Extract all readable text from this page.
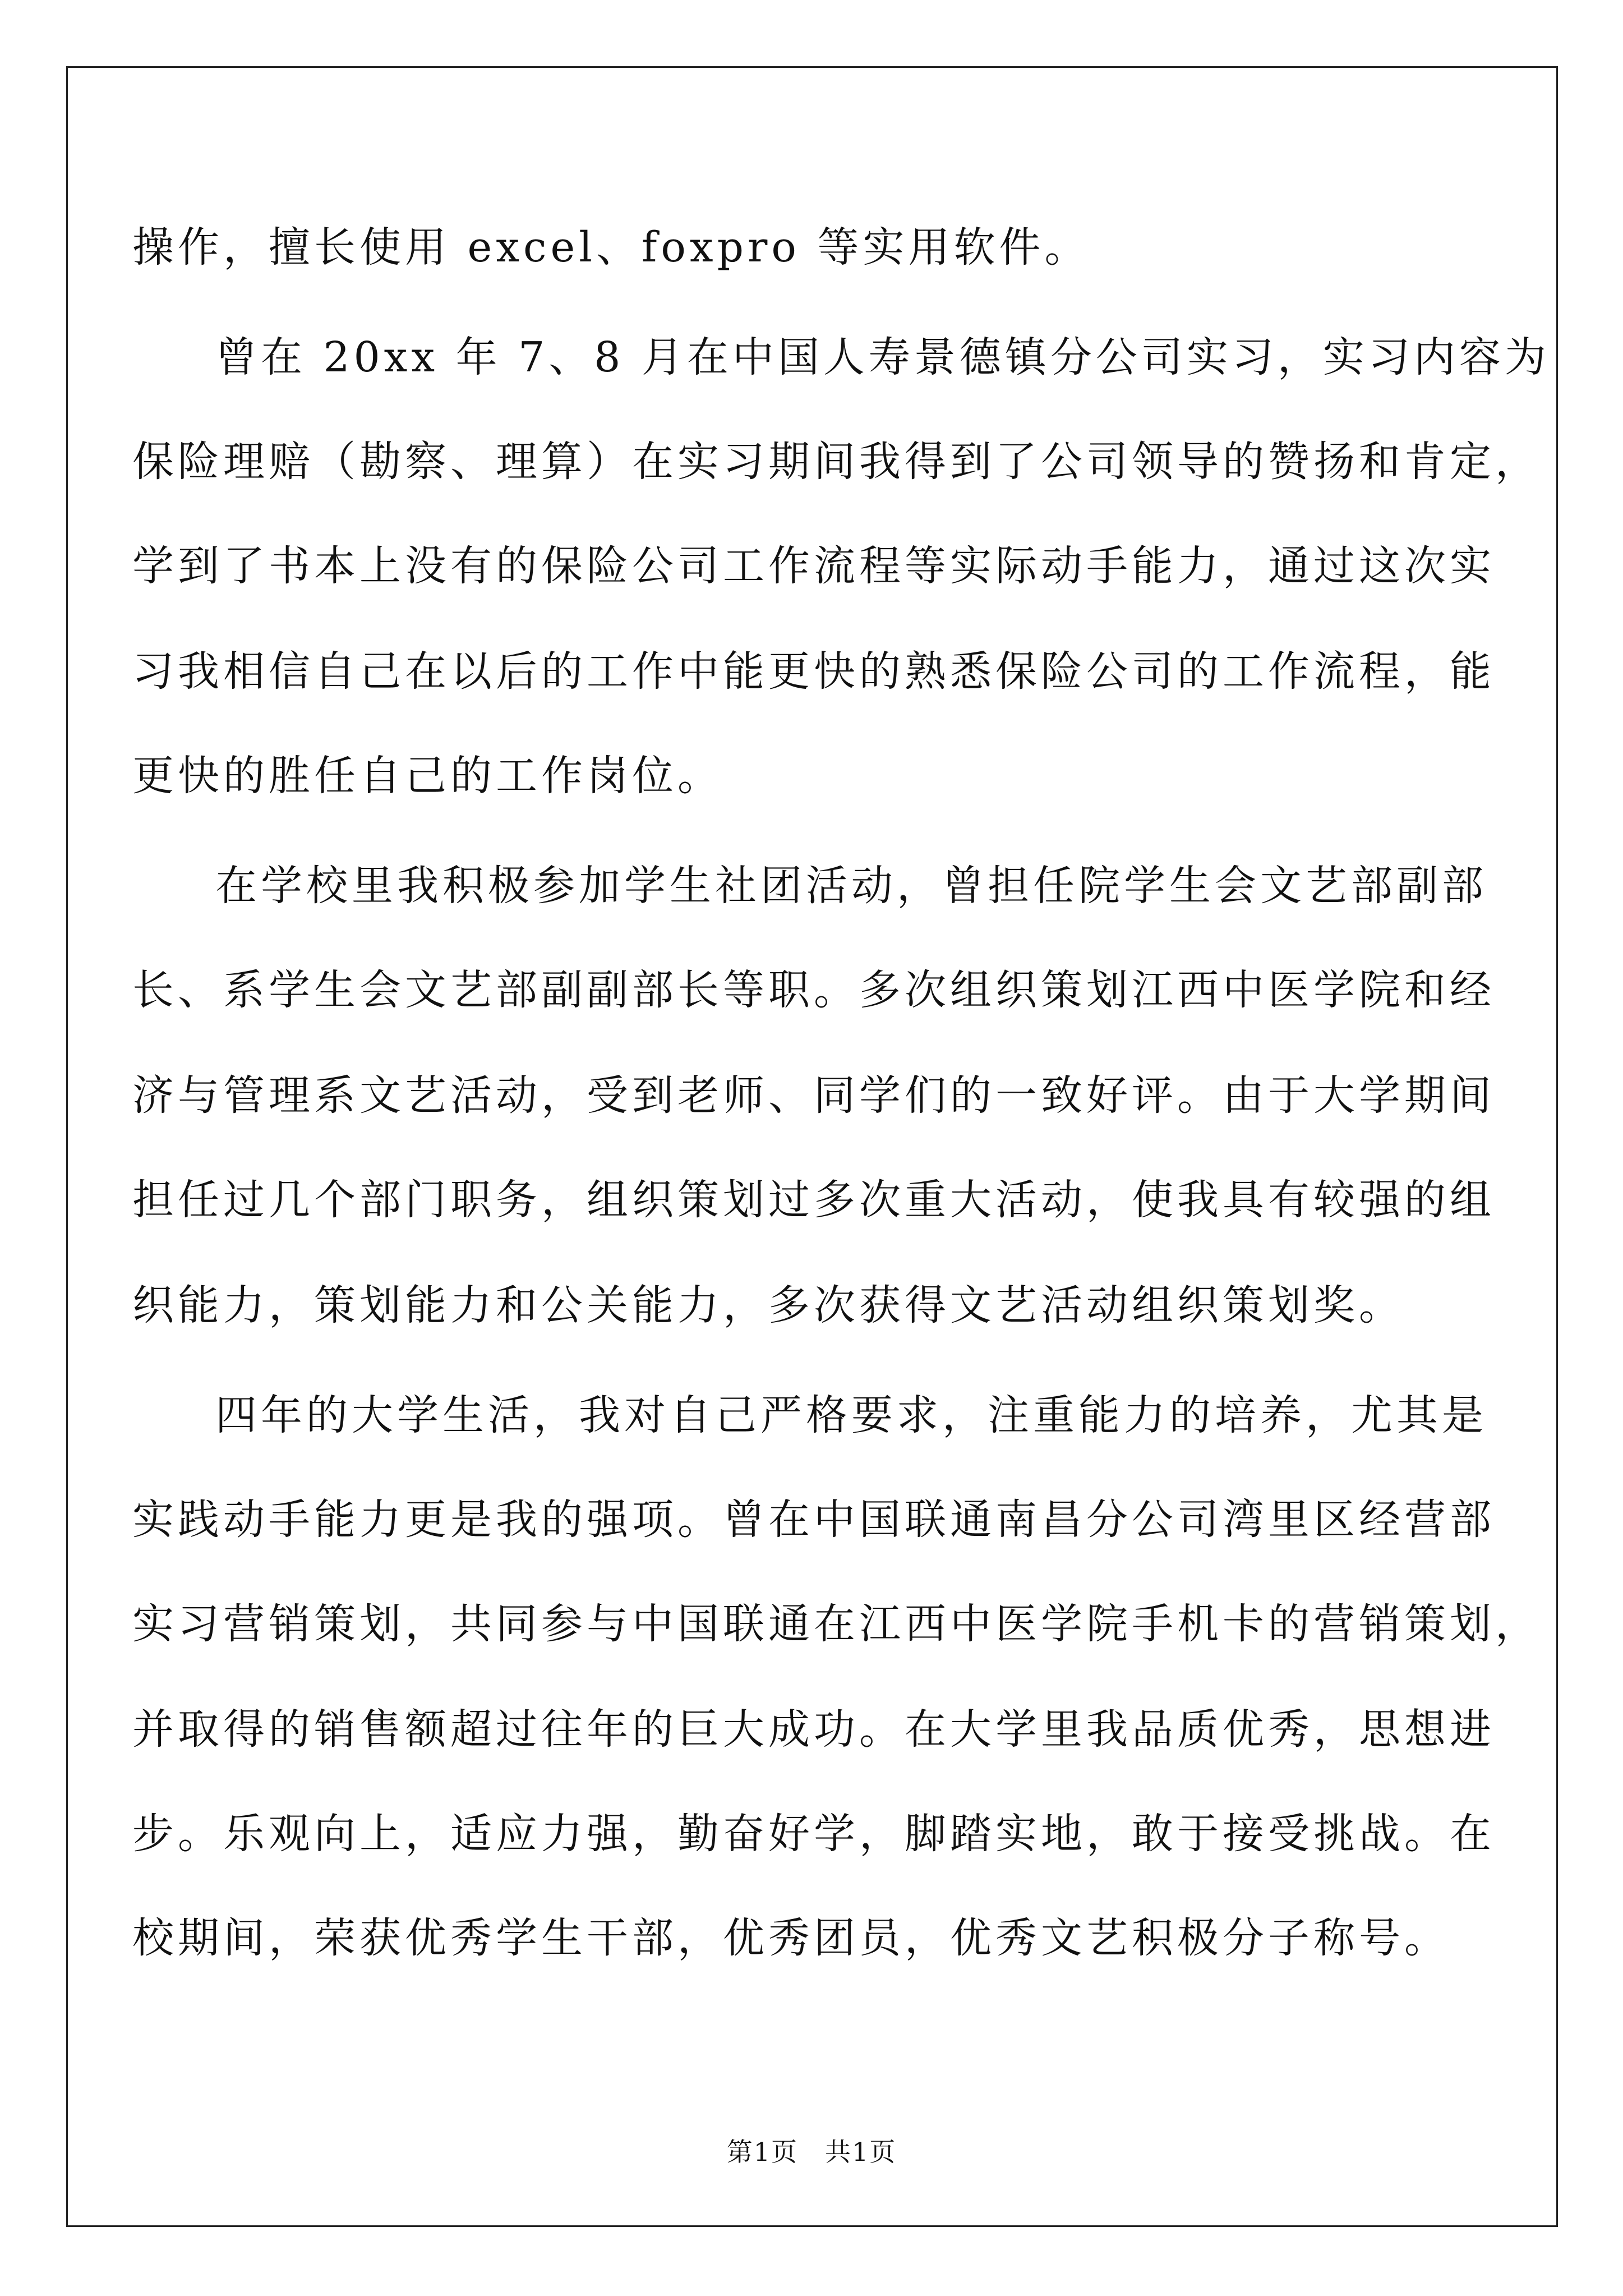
操作，擅长使用 excel、foxpro 等实用软件。
曾在 20xx 年 7、8 月在中国人寿景德镇分公司实习，实习内容为
保险理赔（勘察、理算）在实习期间我得到了公司领导的赞扬和肯定，
学到了书本上没有的保险公司工作流程等实际动手能力，通过这次实
习我相信自己在以后的工作中能更快的熟悉保险公司的工作流程，能
更快的胜任自己的工作岗位。
在学校里我积极参加学生社团活动，曾担任院学生会文艺部副部
长、系学生会文艺部副副部长等职。多次组织策划江西中医学院和经
济与管理系文艺活动，受到老师、同学们的一致好评。由于大学期间
担任过几个部门职务，组织策划过多次重大活动，使我具有较强的组
织能力，策划能力和公关能力，多次获得文艺活动组织策划奖。
四年的大学生活，我对自己严格要求，注重能力的培养，尤其是
实践动手能力更是我的强项。曾在中国联通南昌分公司湾里区经营部
实习营销策划，共同参与中国联通在江西中医学院手机卡的营销策划，
并取得的销售额超过往年的巨大成功。在大学里我品质优秀，思想进
步。乐观向上，适应力强，勤奋好学，脚踏实地，敢于接受挑战。在
校期间，荣获优秀学生干部，优秀团员，优秀文艺积极分子称号。
第1页　共1页
